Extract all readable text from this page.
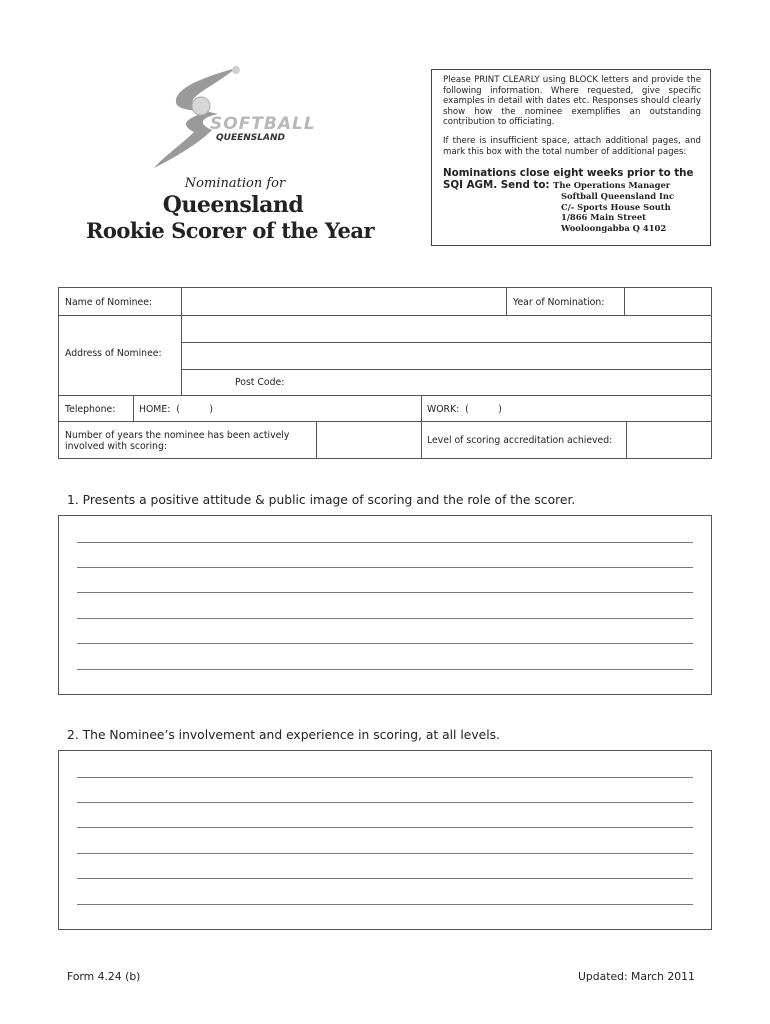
SOFTBALL
QUEENSLAND
Nomination for
Queensland
Rookie Scorer of the Year

Please PRINT CLEARLY using BLOCK letters and provide the following information. Where requested, give specific examples in detail with dates etc. Responses should clearly show how the nominee exemplifies an outstanding contribution to officiating.

If there is insufficient space, attach additional pages, and mark this box with the total number of additional pages:

Nominations close eight weeks prior to the
SQI AGM. Send to: The Operations Manager
Softball Queensland Inc
C/- Sports House South
1/866 Main Street
Wooloongabba Q 4102
Name of Nominee:	Year of Nomination:
Address of Nominee:
Post Code:
Telephone:	HOME:  (          )	WORK:  (          )
Number of years the nominee has been actively involved with scoring:
Level of scoring accreditation achieved:
1. Presents a positive attitude & public image of scoring and the role of the scorer.
2. The Nominee’s involvement and experience in scoring, at all levels.
Form 4.24 (b)	Updated: March 2011
